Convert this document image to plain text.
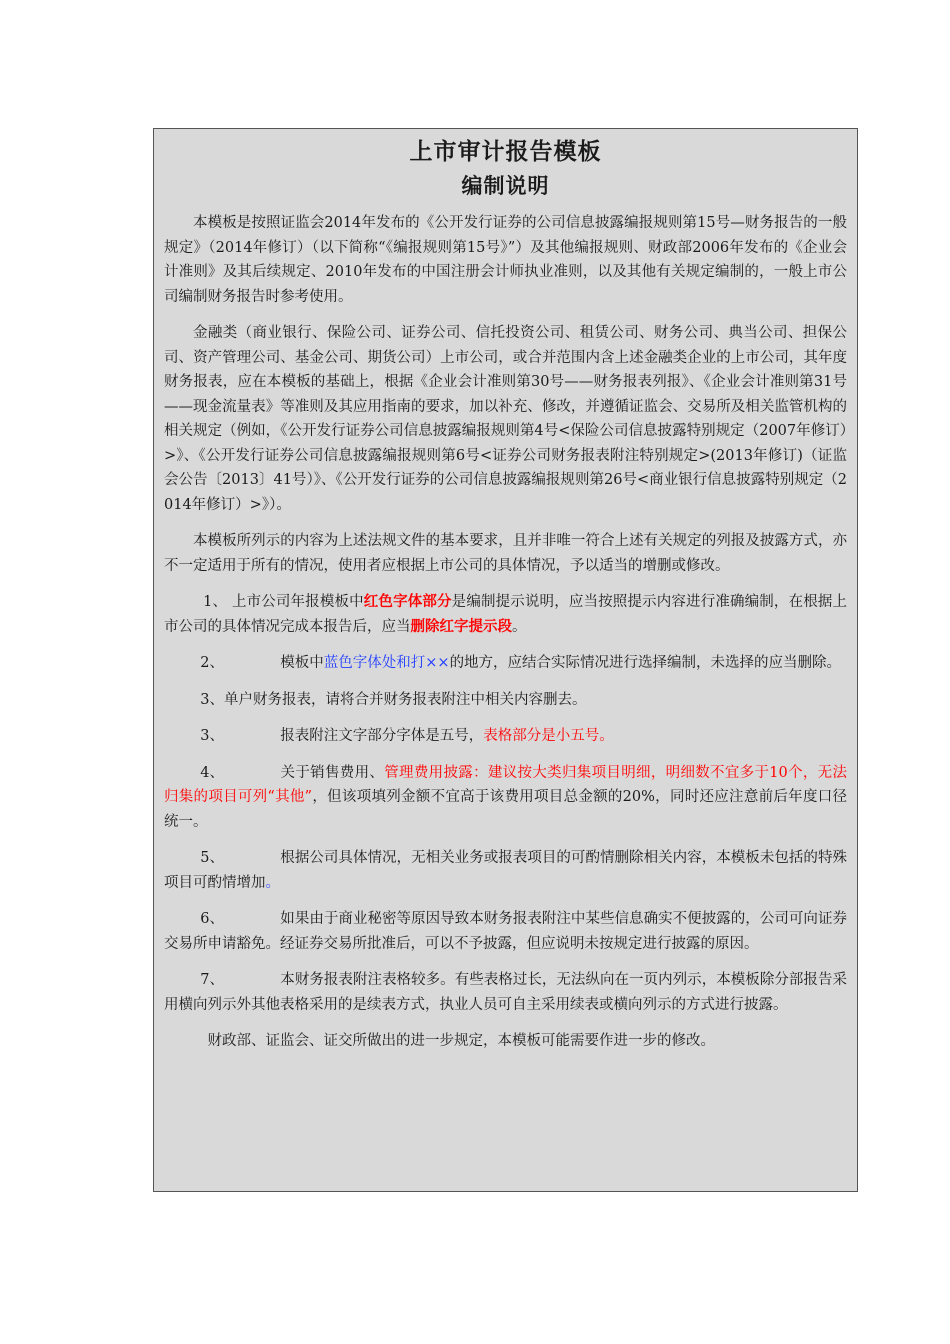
上市审计报告模板
编制说明

本模板是按照证监会2014年发布的《公开发行证券的公司信息披露编报规则第15号—财务报告的一般规定》（2014年修订）（以下简称“《编报规则第15号》”）及其他编报规则、财政部2006年发布的《企业会计准则》及其后续规定、2010年发布的中国注册会计师执业准则，以及其他有关规定编制的，一般上市公司编制财务报告时参考使用。

金融类（商业银行、保险公司、证券公司、信托投资公司、租赁公司、财务公司、典当公司、担保公司、资产管理公司、基金公司、期货公司）上市公司，或合并范围内含上述金融类企业的上市公司，其年度财务报表，应在本模板的基础上，根据《企业会计准则第30号——财务报表列报》、《企业会计准则第31号——现金流量表》等准则及其应用指南的要求，加以补充、修改，并遵循证监会、交易所及相关监管机构的相关规定（例如，《公开发行证券公司信息披露编报规则第4号<保险公司信息披露特别规定（2007年修订）>》、《公开发行证券公司信息披露编报规则第6号<证券公司财务报表附注特别规定>(2013年修订)（证监会公告〔2013〕41号）》、《公开发行证券的公司信息披露编报规则第26号<商业银行信息披露特别规定（2014年修订）>》）。

本模板所列示的内容为上述法规文件的基本要求，且并非唯一符合上述有关规定的列报及披露方式，亦不一定适用于所有的情况，使用者应根据上市公司的具体情况，予以适当的增删或修改。

1、 上市公司年报模板中红色字体部分是编制提示说明，应当按照提示内容进行准确编制，在根据上市公司的具体情况完成本报告后，应当删除红字提示段。

2、	模板中蓝色字体处和打××的地方，应结合实际情况进行选择编制，未选择的应当删除。

3、单户财务报表，请将合并财务报表附注中相关内容删去。

3、	报表附注文字部分字体是五号，表格部分是小五号。

4、	关于销售费用、管理费用披露：建议按大类归集项目明细，明细数不宜多于10个，无法归集的项目可列“其他”，但该项填列金额不宜高于该费用项目总金额的20%，同时还应注意前后年度口径统一。

5、	根据公司具体情况，无相关业务或报表项目的可酌情删除相关内容，本模板未包括的特殊项目可酌情增加。

6、	如果由于商业秘密等原因导致本财务报表附注中某些信息确实不便披露的，公司可向证券交易所申请豁免。经证券交易所批准后，可以不予披露，但应说明未按规定进行披露的原因。

7、	本财务报表附注表格较多。有些表格过长，无法纵向在一页内列示，本模板除分部报告采用横向列示外其他表格采用的是续表方式，执业人员可自主采用续表或横向列示的方式进行披露。

财政部、证监会、证交所做出的进一步规定，本模板可能需要作进一步的修改。
